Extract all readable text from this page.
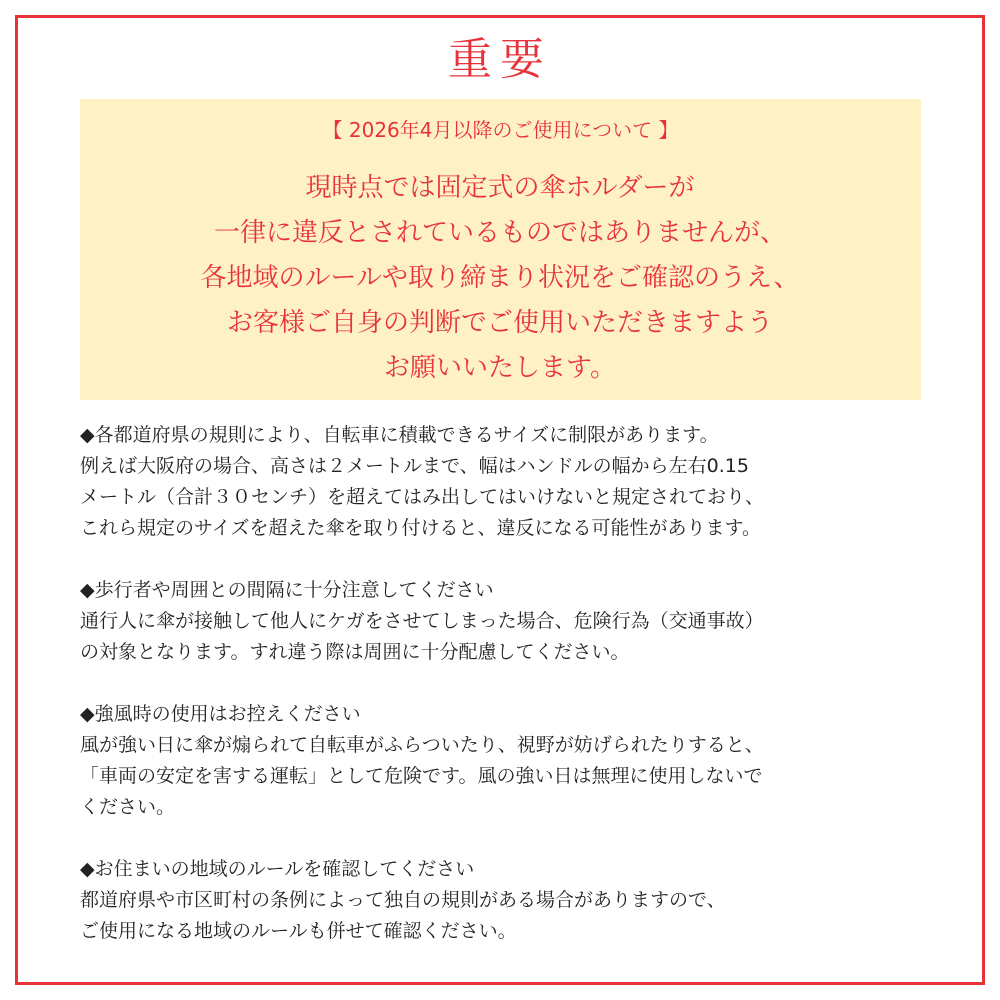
重要
【 2026年4月以降のご使用について 】
現時点では固定式の傘ホルダーが
一律に違反とされているものではありませんが、
各地域のルールや取り締まり状況をご確認のうえ、
お客様ご自身の判断でご使用いただきますよう
お願いいたします。
◆各都道府県の規則により、自転車に積載できるサイズに制限があります。
例えば大阪府の場合、高さは２メートルまで、幅はハンドルの幅から左右0.15
メートル（合計３０センチ）を超えてはみ出してはいけないと規定されており、
これら規定のサイズを超えた傘を取り付けると、違反になる可能性があります。
◆歩行者や周囲との間隔に十分注意してください
通行人に傘が接触して他人にケガをさせてしまった場合、危険行為（交通事故）
の対象となります。すれ違う際は周囲に十分配慮してください。
◆強風時の使用はお控えください
風が強い日に傘が煽られて自転車がふらついたり、視野が妨げられたりすると、
「車両の安定を害する運転」として危険です。風の強い日は無理に使用しないで
ください。
◆お住まいの地域のルールを確認してください
都道府県や市区町村の条例によって独自の規則がある場合がありますので、
ご使用になる地域のルールも併せて確認ください。
